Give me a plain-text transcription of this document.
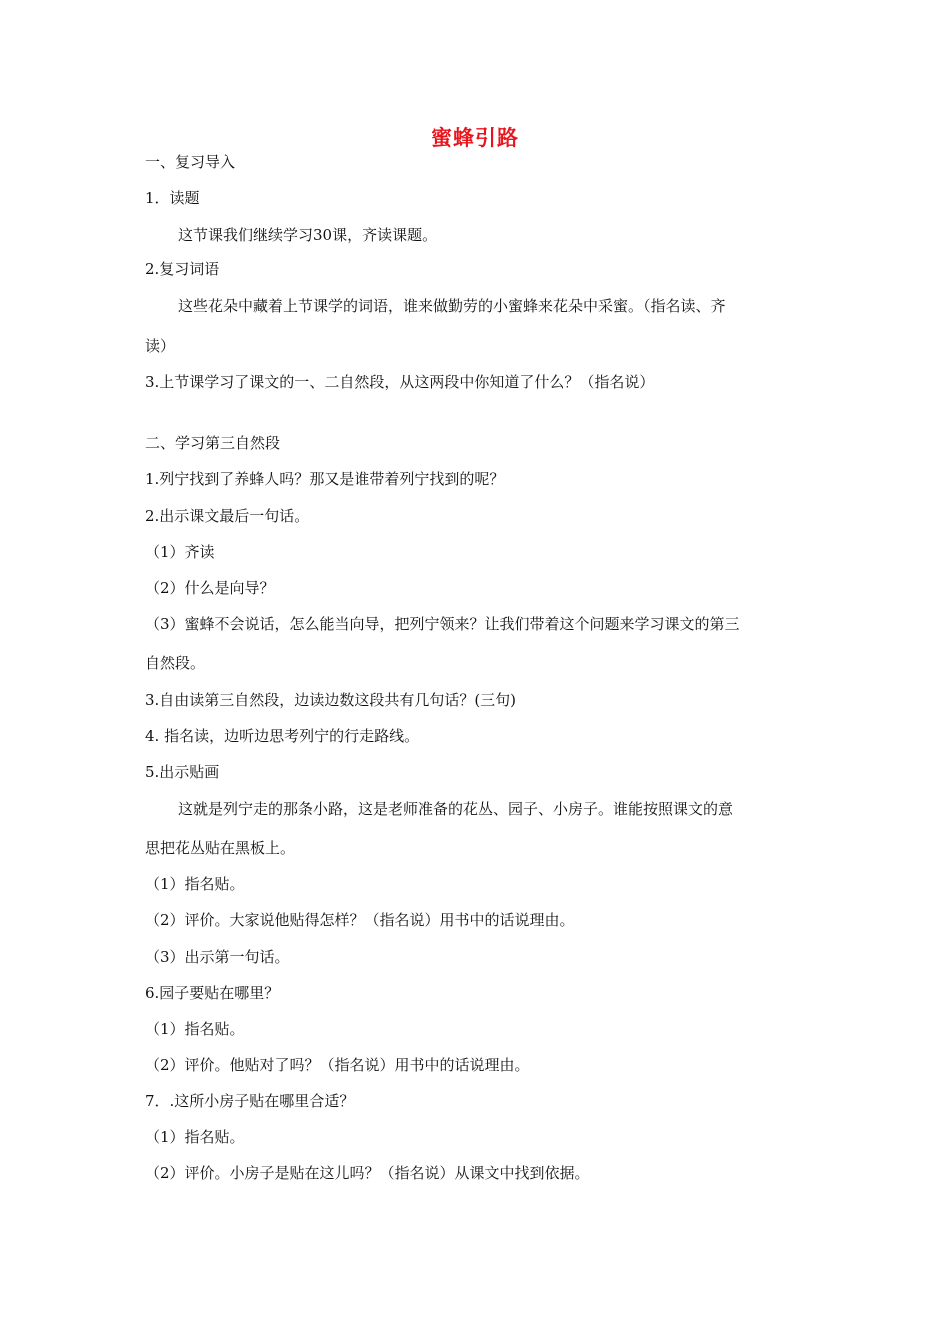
蜜蜂引路
一、复习导入
1．读题
这节课我们继续学习30课，齐读课题。
2.复习词语
这些花朵中藏着上节课学的词语，谁来做勤劳的小蜜蜂来花朵中采蜜。（指名读、齐
读）
3.上节课学习了课文的一、二自然段，从这两段中你知道了什么？（指名说）
二、学习第三自然段
1.列宁找到了养蜂人吗？那又是谁带着列宁找到的呢？
2.出示课文最后一句话。
（1）齐读
（2）什么是向导？
（3）蜜蜂不会说话，怎么能当向导，把列宁领来？让我们带着这个问题来学习课文的第三
自然段。
3.自由读第三自然段，边读边数这段共有几句话？(三句)
4. 指名读，边听边思考列宁的行走路线。
5.出示贴画
这就是列宁走的那条小路，这是老师准备的花丛、园子、小房子。谁能按照课文的意
思把花丛贴在黑板上。
（1）指名贴。
（2）评价。大家说他贴得怎样？（指名说）用书中的话说理由。
（3）出示第一句话。
6.园子要贴在哪里？
（1）指名贴。
（2）评价。他贴对了吗？（指名说）用书中的话说理由。
7．.这所小房子贴在哪里合适？
（1）指名贴。
（2）评价。小房子是贴在这儿吗？（指名说）从课文中找到依据。
